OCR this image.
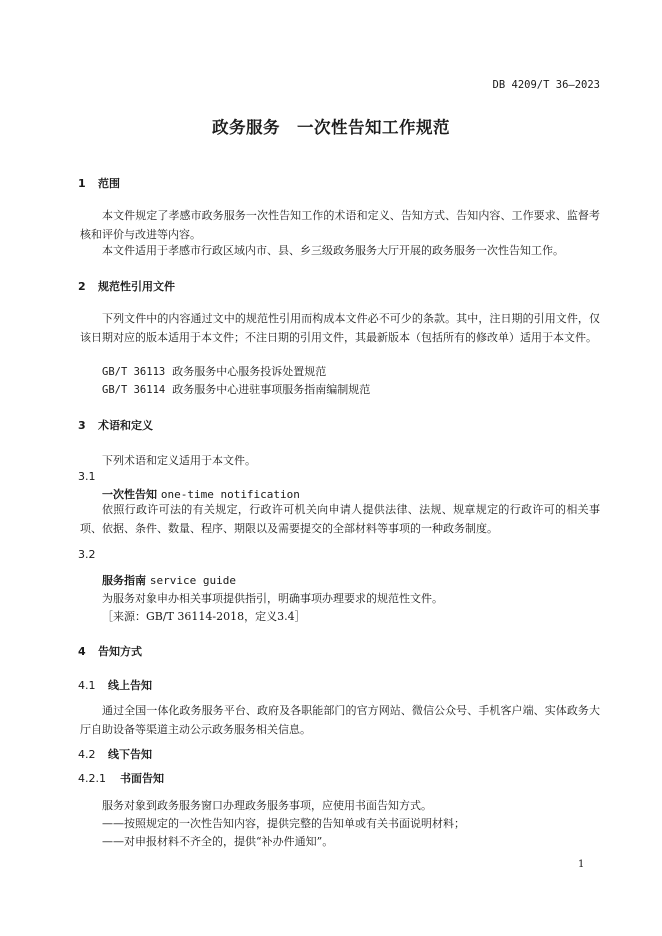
DB 4209/T 36—2023
政务服务　一次性告知工作规范
1 范围
本文件规定了孝感市政务服务一次性告知工作的术语和定义、告知方式、告知内容、工作要求、监督考核和评价与改进等内容。
本文件适用于孝感市行政区域内市、县、乡三级政务服务大厅开展的政务服务一次性告知工作。
2 规范性引用文件
下列文件中的内容通过文中的规范性引用而构成本文件必不可少的条款。其中，注日期的引用文件，仅该日期对应的版本适用于本文件；不注日期的引用文件，其最新版本（包括所有的修改单）适用于本文件。
GB/T 36113 政务服务中心服务投诉处置规范
GB/T 36114 政务服务中心进驻事项服务指南编制规范
3 术语和定义
下列术语和定义适用于本文件。
3.1
一次性告知 one-time notification
依照行政许可法的有关规定，行政许可机关向申请人提供法律、法规、规章规定的行政许可的相关事项、依据、条件、数量、程序、期限以及需要提交的全部材料等事项的一种政务制度。
3.2
服务指南 service guide
为服务对象申办相关事项提供指引，明确事项办理要求的规范性文件。
［来源：GB/T 36114-2018，定义3.4］
4 告知方式
4.1 线上告知
通过全国一体化政务服务平台、政府及各职能部门的官方网站、微信公众号、手机客户端、实体政务大厅自助设备等渠道主动公示政务服务相关信息。
4.2 线下告知
4.2.1 书面告知
服务对象到政务服务窗口办理政务服务事项，应使用书面告知方式。
——按照规定的一次性告知内容，提供完整的告知单或有关书面说明材料；
——对申报材料不齐全的，提供“补办件通知”。
1
